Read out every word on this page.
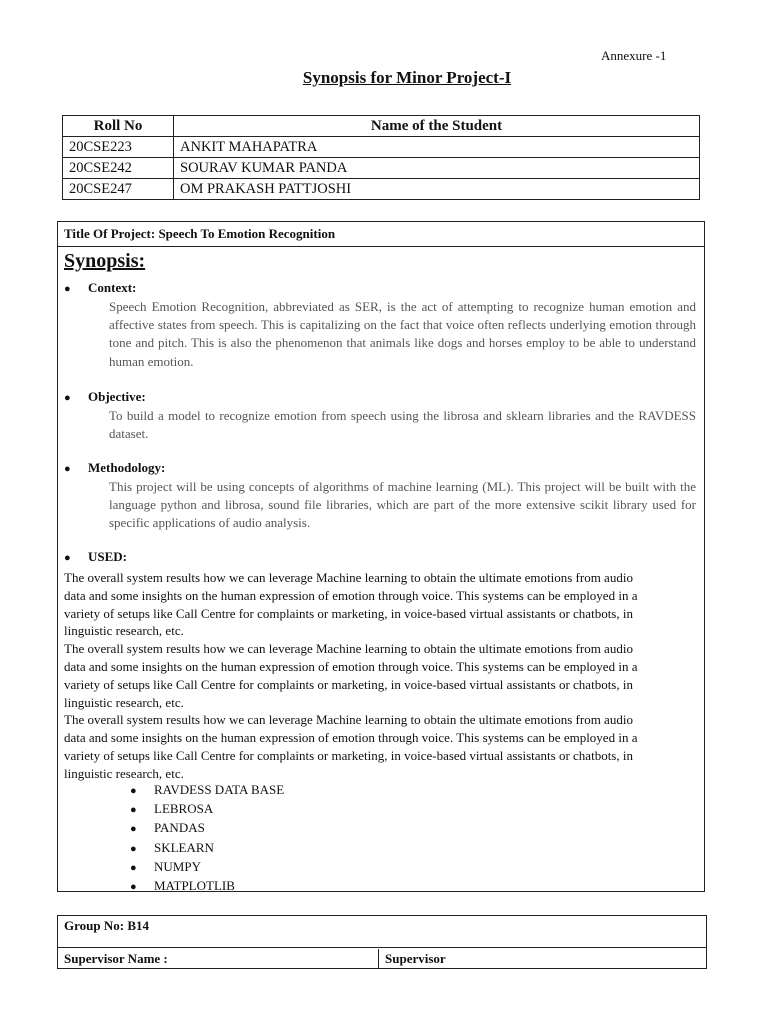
Annexure -1
Synopsis for Minor Project-I
Roll No	Name of the Student
20CSE223	ANKIT MAHAPATRA
20CSE242	SOURAV KUMAR PANDA
20CSE247	OM PRAKASH PATTJOSHI
Title Of Project: Speech To Emotion Recognition
Synopsis:
● Context:
Speech Emotion Recognition, abbreviated as SER, is the act of attempting to recognize human emotion and affective states from speech. This is capitalizing on the fact that voice often reflects underlying emotion through tone and pitch. This is also the phenomenon that animals like dogs and horses employ to be able to understand human emotion.
● Objective:
To build a model to recognize emotion from speech using the librosa and sklearn libraries and the RAVDESS dataset.
● Methodology:
This project will be using concepts of algorithms of machine learning (ML). This project will be built with the language python and librosa, sound file libraries, which are part of the more extensive scikit library used for specific applications of audio analysis.
● USED:
The overall system results how we can leverage Machine learning to obtain the ultimate emotions from audio data and some insights on the human expression of emotion through voice. This systems can be employed in a variety of setups like Call Centre for complaints or marketing, in voice-based virtual assistants or chatbots, in linguistic research, etc.
The overall system results how we can leverage Machine learning to obtain the ultimate emotions from audio data and some insights on the human expression of emotion through voice. This systems can be employed in a variety of setups like Call Centre for complaints or marketing, in voice-based virtual assistants or chatbots, in linguistic research, etc.
The overall system results how we can leverage Machine learning to obtain the ultimate emotions from audio data and some insights on the human expression of emotion through voice. This systems can be employed in a variety of setups like Call Centre for complaints or marketing, in voice-based virtual assistants or chatbots, in linguistic research, etc.
● RAVDESS DATA BASE
● LEBROSA
● PANDAS
● SKLEARN
● NUMPY
● MATPLOTLIB
Group No: B14
Supervisor Name :	Supervisor
